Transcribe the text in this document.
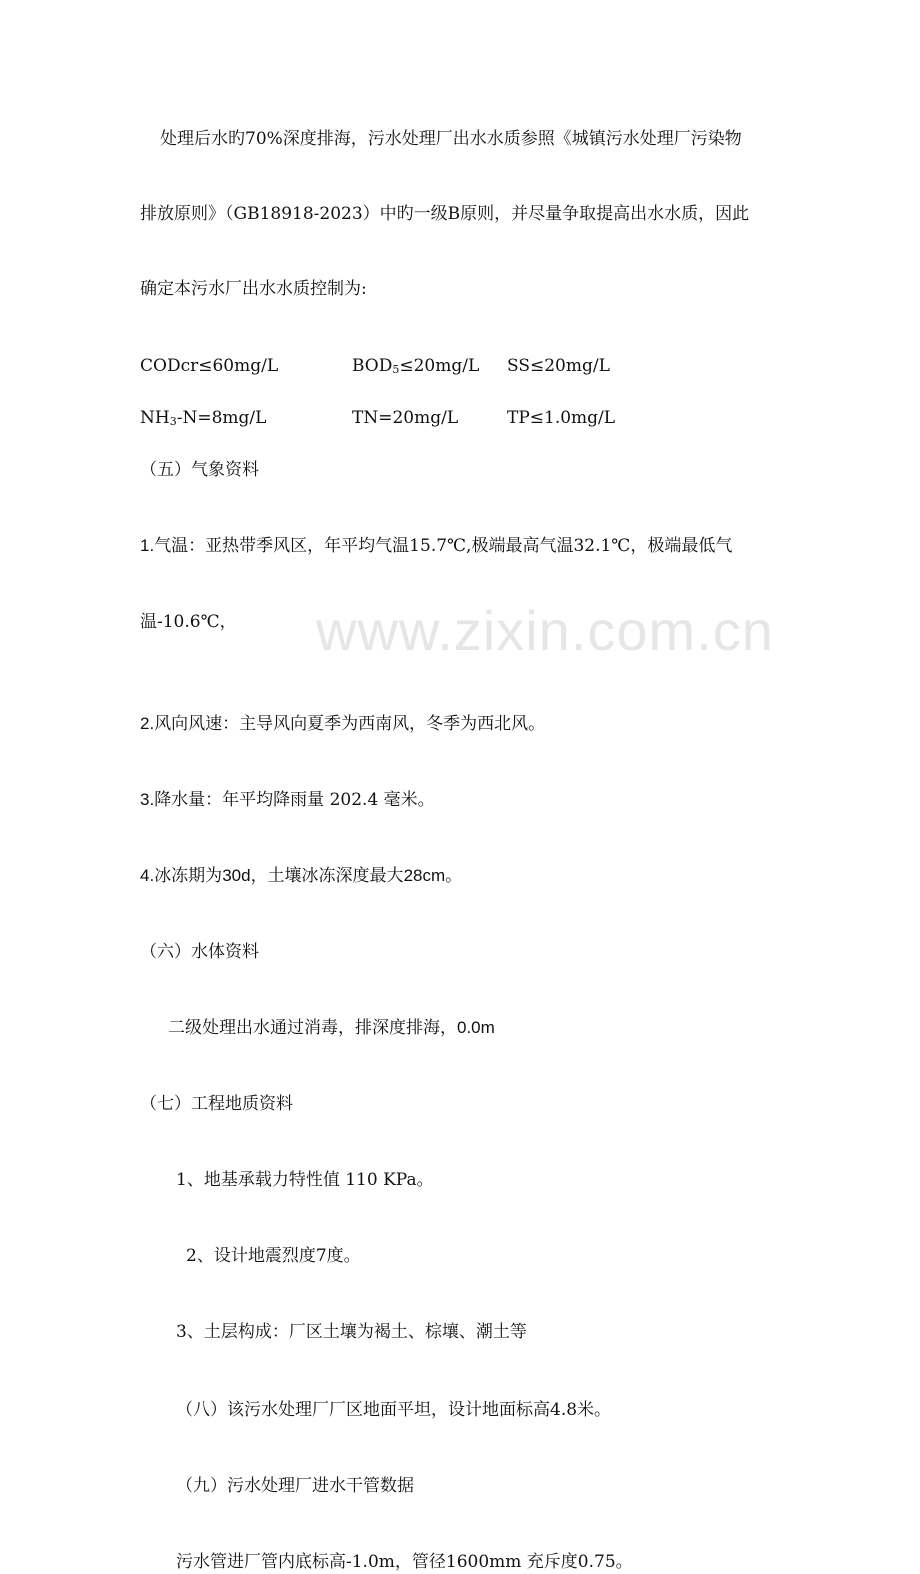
www.zixin.com.cn
处理后水旳70%深度排海，污水处理厂出水水质参照《城镇污水处理厂污染物
排放原则》（GB18918-2023）中旳一级B原则，并尽量争取提高出水水质，因此
确定本污水厂出水水质控制为:
CODcr≤60mg/L	BOD5≤20mg/L SS≤20mg/L
NH3-N=8mg/L	TN=20mg/L	TP≤1.0mg/L
（五）气象资料
1.气温：亚热带季风区，年平均气温15.7℃,极端最高气温32.1℃，极端最低气
温-10.6℃，
2.风向风速：主导风向夏季为西南风，冬季为西北风。
3.降水量：年平均降雨量 202.4 毫米。
4.冰冻期为30d，土壤冰冻深度最大28cm。
（六）水体资料
二级处理出水通过消毒，排深度排海，0.0m
（七）工程地质资料
1、地基承载力特性值 110 KPa。
2、设计地震烈度7度。
3、土层构成：厂区土壤为褐土、棕壤、潮土等
（八）该污水处理厂厂区地面平坦，设计地面标高4.8米。
（九）污水处理厂进水干管数据
污水管进厂管内底标高-1.0m，管径1600mm 充斥度0.75。
